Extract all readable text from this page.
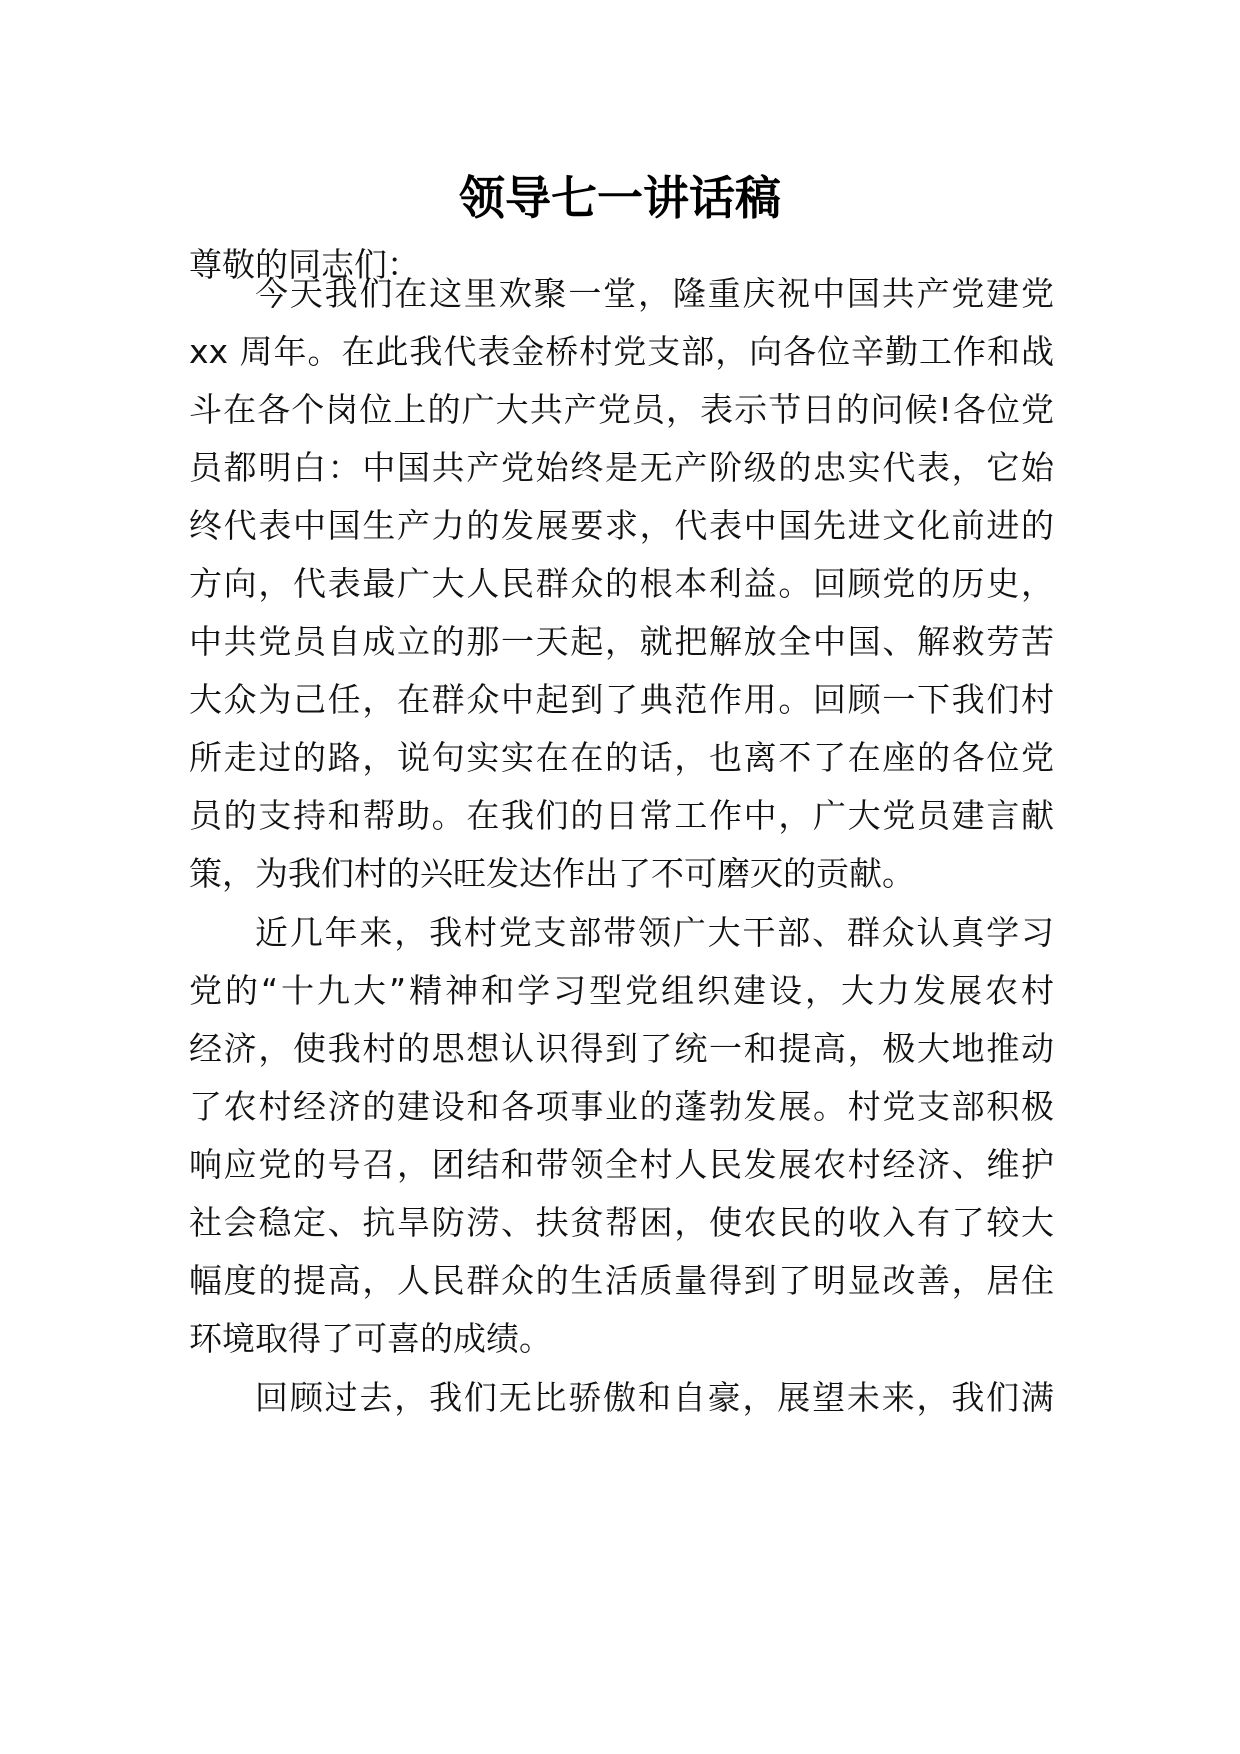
领导七一讲话稿

尊敬的同志们：

今天我们在这里欢聚一堂，隆重庆祝中国共产党建党

xx 周年。在此我代表金桥村党支部，向各位辛勤工作和战

斗在各个岗位上的广大共产党员，表示节日的问候!各位党

员都明白：中国共产党始终是无产阶级的忠实代表，它始

终代表中国生产力的发展要求，代表中国先进文化前进的

方向，代表最广大人民群众的根本利益。回顾党的历史，

中共党员自成立的那一天起，就把解放全中国、解救劳苦

大众为己任，在群众中起到了典范作用。回顾一下我们村

所走过的路，说句实实在在的话，也离不了在座的各位党

员的支持和帮助。在我们的日常工作中，广大党员建言献

策，为我们村的兴旺发达作出了不可磨灭的贡献。

近几年来，我村党支部带领广大干部、群众认真学习

党的“十九大”精神和学习型党组织建设，大力发展农村

经济，使我村的思想认识得到了统一和提高，极大地推动

了农村经济的建设和各项事业的蓬勃发展。村党支部积极

响应党的号召，团结和带领全村人民发展农村经济、维护

社会稳定、抗旱防涝、扶贫帮困，使农民的收入有了较大

幅度的提高，人民群众的生活质量得到了明显改善，居住

环境取得了可喜的成绩。

回顾过去，我们无比骄傲和自豪，展望未来，我们满
